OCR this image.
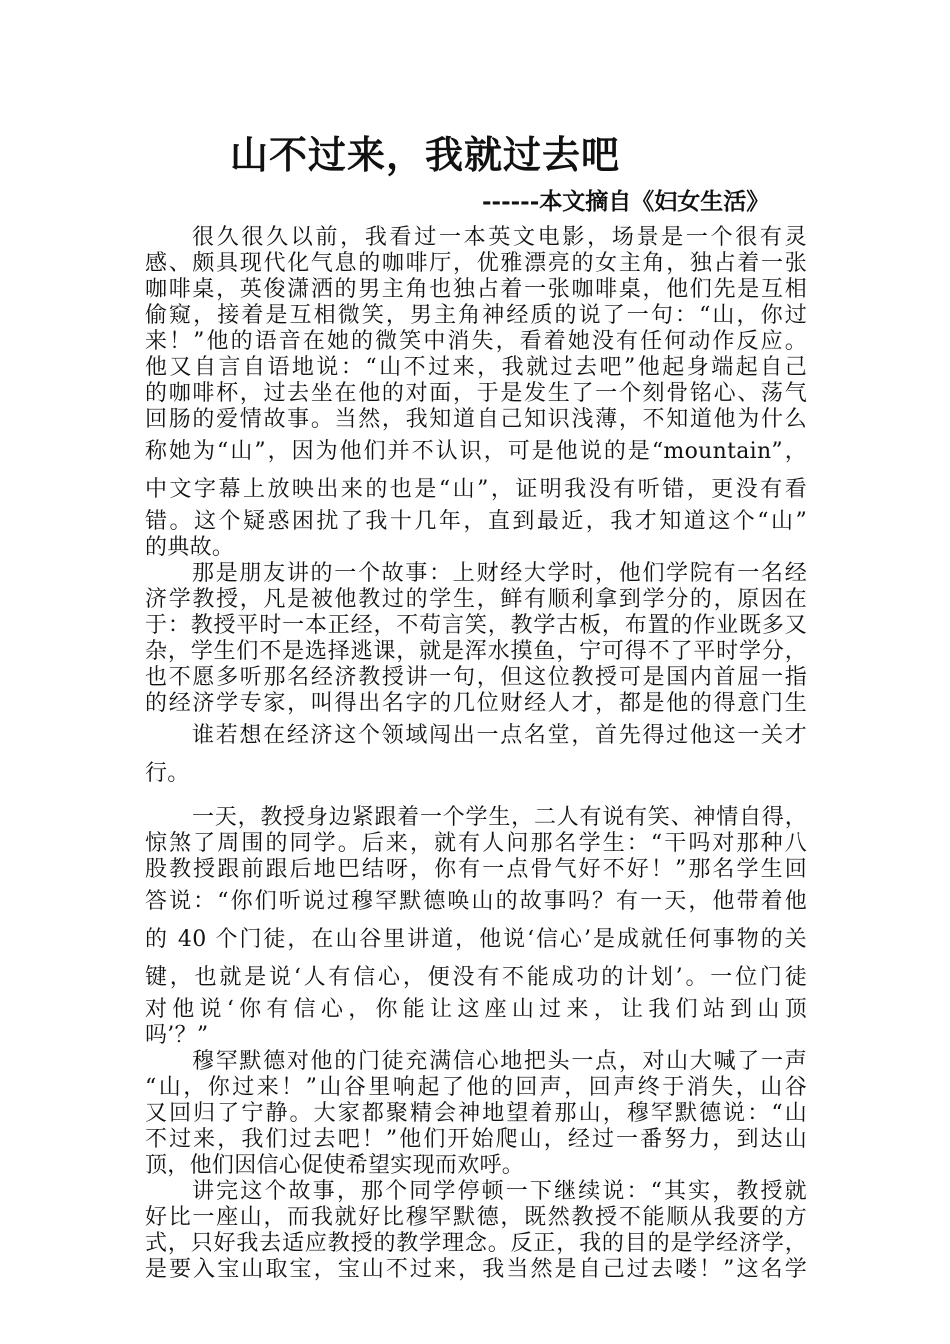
山不过来，我就过去吧
------本文摘自《妇女生活》
很久很久以前，我看过一本英文电影，场景是一个很有灵
感、颇具现代化气息的咖啡厅，优雅漂亮的女主角，独占着一张
咖啡桌，英俊潇洒的男主角也独占着一张咖啡桌，他们先是互相
偷窥，接着是互相微笑，男主角神经质的说了一句：“山，你过
来！”他的语音在她的微笑中消失，看着她没有任何动作反应。
他又自言自语地说：“山不过来，我就过去吧”他起身端起自己
的咖啡杯，过去坐在他的对面，于是发生了一个刻骨铭心、荡气
回肠的爱情故事。当然，我知道自己知识浅薄，不知道他为什么
称她为“山”，因为他们并不认识，可是他说的是“mountain”，
中文字幕上放映出来的也是“山”，证明我没有听错，更没有看
错。这个疑惑困扰了我十几年，直到最近，我才知道这个“山”
的典故。
那是朋友讲的一个故事：上财经大学时，他们学院有一名经
济学教授，凡是被他教过的学生，鲜有顺利拿到学分的，原因在
于：教授平时一本正经，不苟言笑，教学古板，布置的作业既多又
杂，学生们不是选择逃课，就是浑水摸鱼，宁可得不了平时学分，
也不愿多听那名经济教授讲一句，但这位教授可是国内首屈一指
的经济学专家，叫得出名字的几位财经人才，都是他的得意门生
谁若想在经济这个领域闯出一点名堂，首先得过他这一关才
行。
一天，教授身边紧跟着一个学生，二人有说有笑、神情自得，
惊煞了周围的同学。后来，就有人问那名学生：“干吗对那种八
股教授跟前跟后地巴结呀，你有一点骨气好不好！”那名学生回
答说：“你们听说过穆罕默德唤山的故事吗？有一天，他带着他
的 40 个门徒，在山谷里讲道，他说‘信心’是成就任何事物的关
键，也就是说‘人有信心，便没有不能成功的计划’。一位门徒
对他说‘你有信心，你能让这座山过来，让我们站到山顶
吗’？”
穆罕默德对他的门徒充满信心地把头一点，对山大喊了一声
“山，你过来！”山谷里响起了他的回声，回声终于消失，山谷
又回归了宁静。大家都聚精会神地望着那山，穆罕默德说：“山
不过来，我们过去吧！”他们开始爬山，经过一番努力，到达山
顶，他们因信心促使希望实现而欢呼。
讲完这个故事，那个同学停顿一下继续说：“其实，教授就
好比一座山，而我就好比穆罕默德，既然教授不能顺从我要的方
式，只好我去适应教授的教学理念。反正，我的目的是学经济学，
是要入宝山取宝，宝山不过来，我当然是自己过去喽！”这名学
